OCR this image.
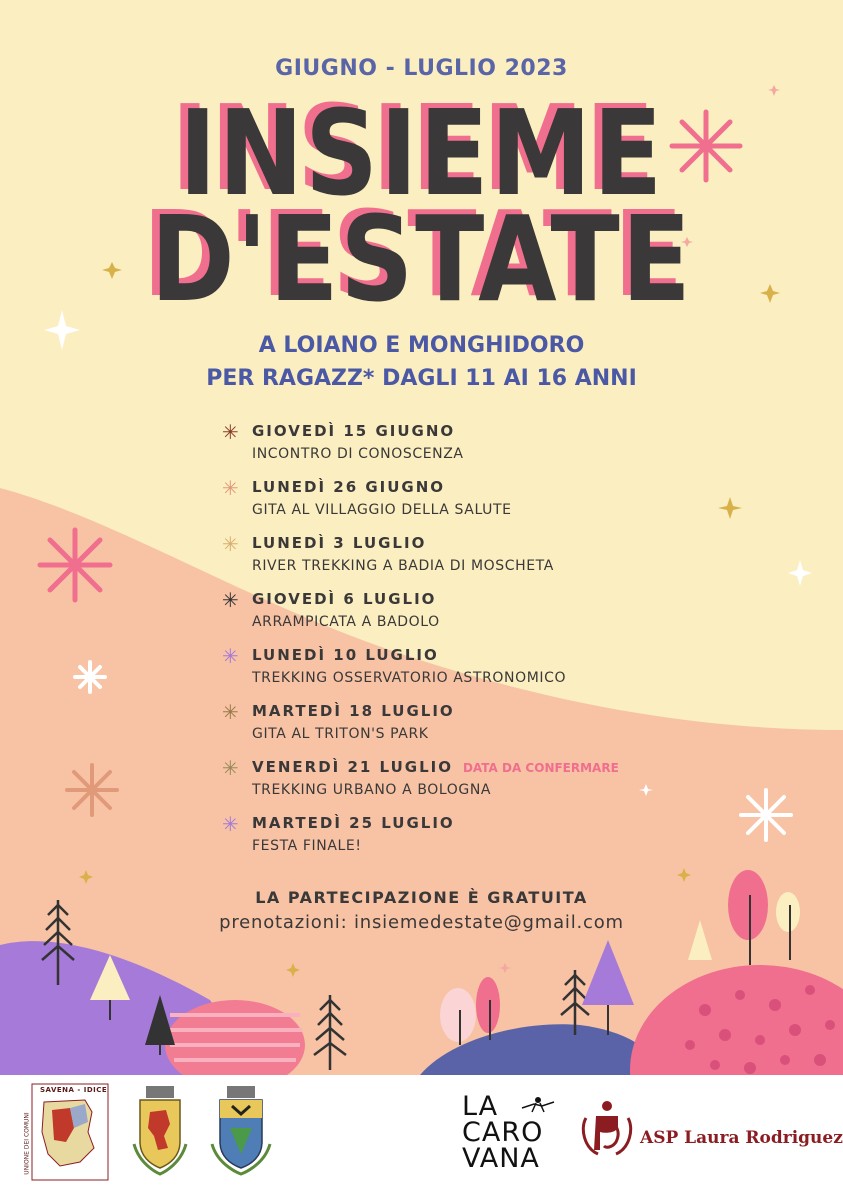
GIUGNO - LUGLIO 2023
INSIEME
D'ESTATE
A LOIANO E MONGHIDORO
PER RAGAZZ* DAGLI 11 AI 16 ANNI
✳ GIOVEDÌ 15 GIUGNO
INCONTRO DI CONOSCENZA
✳ LUNEDÌ 26 GIUGNO
GITA AL VILLAGGIO DELLA SALUTE
✳ LUNEDÌ 3 LUGLIO
RIVER TREKKING A BADIA DI MOSCHETA
✳ GIOVEDÌ 6 LUGLIO
ARRAMPICATA A BADOLO
✳ LUNEDÌ 10 LUGLIO
TREKKING OSSERVATORIO ASTRONOMICO
✳ MARTEDÌ 18 LUGLIO
GITA AL TRITON'S PARK
✳ VENERDÌ 21 LUGLIO DATA DA CONFERMARE
TREKKING URBANO A BOLOGNA
✳ MARTEDÌ 25 LUGLIO
FESTA FINALE!
LA PARTECIPAZIONE È GRATUITA
prenotazioni: insiemedestate@gmail.com
SAVENA - IDICE
UNIONE DEI COMUNI
LA
CARO
VANA
ASP Laura Rodriguez
